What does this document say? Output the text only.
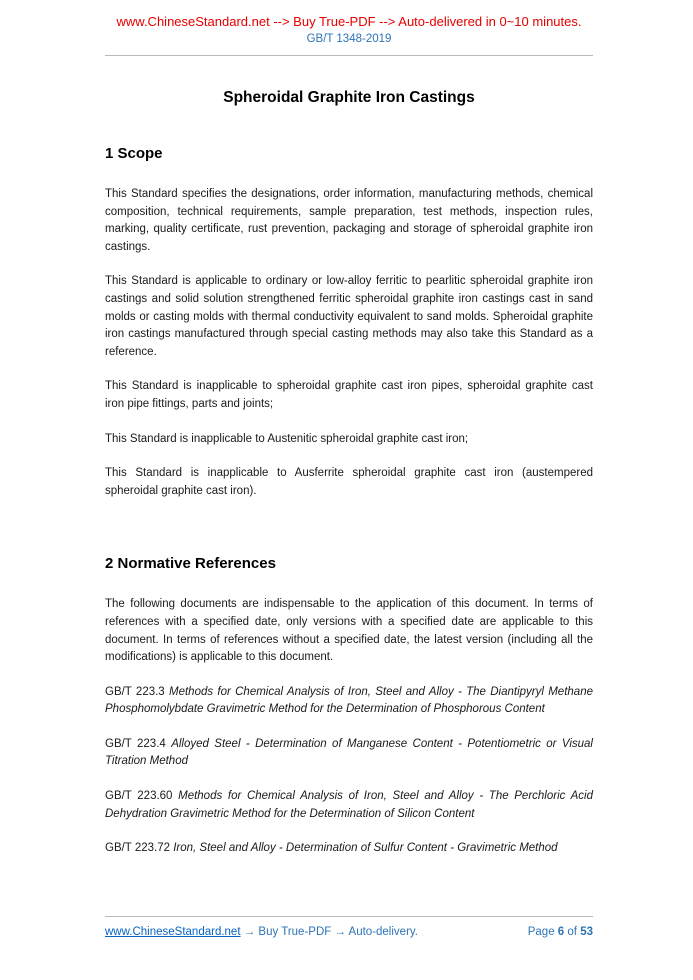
www.ChineseStandard.net --> Buy True-PDF --> Auto-delivered in 0~10 minutes.
GB/T 1348-2019
Spheroidal Graphite Iron Castings
1 Scope

This Standard specifies the designations, order information, manufacturing methods, chemical composition, technical requirements, sample preparation, test methods, inspection rules, marking, quality certificate, rust prevention, packaging and storage of spheroidal graphite iron castings.

This Standard is applicable to ordinary or low-alloy ferritic to pearlitic spheroidal graphite iron castings and solid solution strengthened ferritic spheroidal graphite iron castings cast in sand molds or casting molds with thermal conductivity equivalent to sand molds. Spheroidal graphite iron castings manufactured through special casting methods may also take this Standard as a reference.

This Standard is inapplicable to spheroidal graphite cast iron pipes, spheroidal graphite cast iron pipe fittings, parts and joints;

This Standard is inapplicable to Austenitic spheroidal graphite cast iron;

This Standard is inapplicable to Ausferrite spheroidal graphite cast iron (austempered spheroidal graphite cast iron).

2 Normative References

The following documents are indispensable to the application of this document. In terms of references with a specified date, only versions with a specified date are applicable to this document. In terms of references without a specified date, the latest version (including all the modifications) is applicable to this document.

GB/T 223.3 Methods for Chemical Analysis of Iron, Steel and Alloy - The Diantipyryl Methane Phosphomolybdate Gravimetric Method for the Determination of Phosphorous Content

GB/T 223.4 Alloyed Steel - Determination of Manganese Content - Potentiometric or Visual Titration Method

GB/T 223.60 Methods for Chemical Analysis of Iron, Steel and Alloy - The Perchloric Acid Dehydration Gravimetric Method for the Determination of Silicon Content

GB/T 223.72 Iron, Steel and Alloy - Determination of Sulfur Content - Gravimetric Method

www.ChineseStandard.net → Buy True-PDF → Auto-delivery.	Page 6 of 53
